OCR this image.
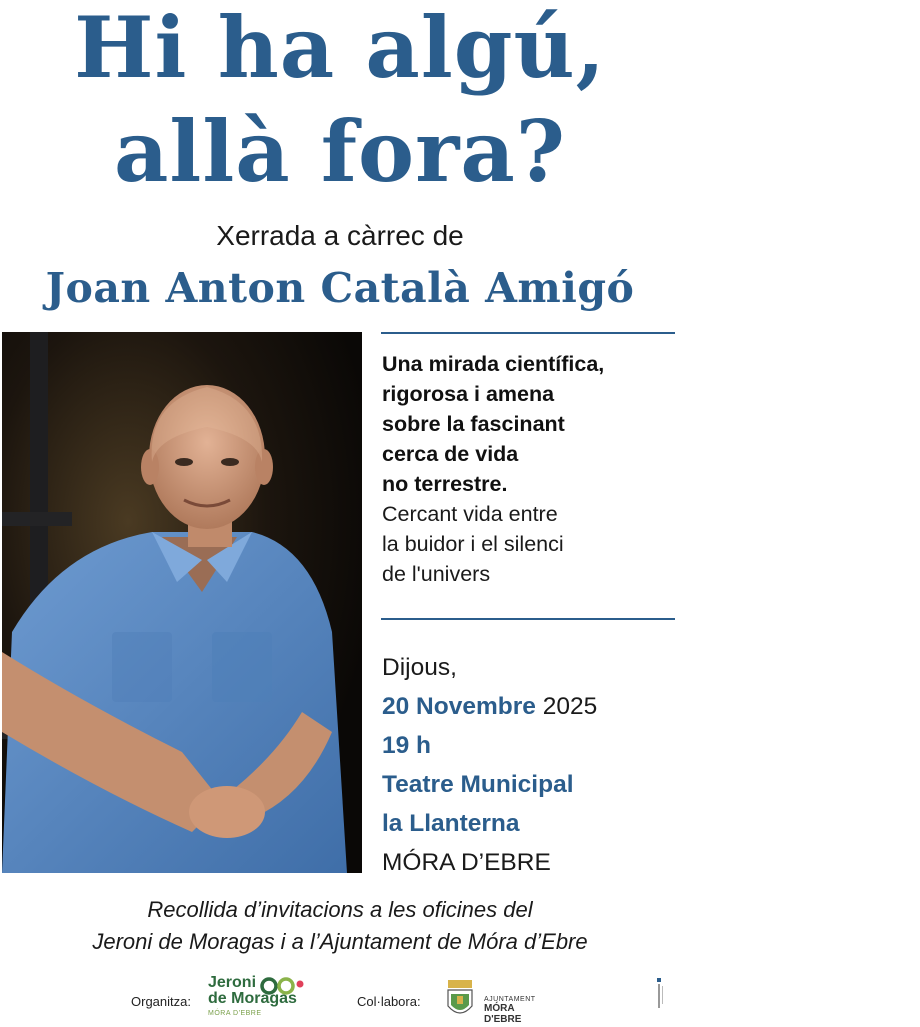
Hi ha algú,
allà fora?
Xerrada a càrrec de
Joan Anton Català Amigó
Una mirada científica,
rigorosa i amena
sobre la fascinant
cerca de vida
no terrestre.
Cercant vida entre
la buidor i el silenci
de l'univers
Dijous,
20 Novembre 2025
19 h
Teatre Municipal
la Llanterna
MÓRA D’EBRE
Recollida d’invitacions a les oficines del
Jeroni de Moragas i a l’Ajuntament de Móra d’Ebre
Organitza:
Jeroni
de Moragas
MÓRA D'EBRE
Col·labora:	AJUNTAMENT
MÓRA D'EBRE
